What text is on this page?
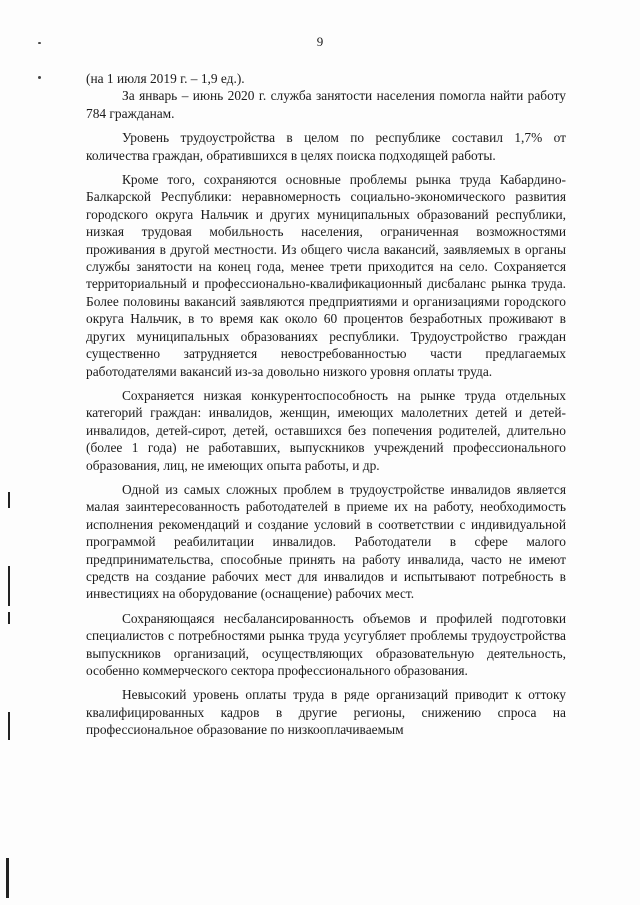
9

(на 1 июля 2019 г. – 1,9 ед.).

За январь – июнь 2020 г. служба занятости населения помогла найти работу 784 гражданам.

Уровень трудоустройства в целом по республике составил 1,7% от количества граждан, обратившихся в целях поиска подходящей работы.

Кроме того, сохраняются основные проблемы рынка труда Кабардино-Балкарской Республики: неравномерность социально-экономического развития городского округа Нальчик и других муниципальных образований республики, низкая трудовая мобильность населения, ограниченная возможностями проживания в другой местности. Из общего числа вакансий, заявляемых в органы службы занятости на конец года, менее трети приходится на село. Сохраняется территориальный и профессионально-квалификационный дисбаланс рынка труда. Более половины вакансий заявляются предприятиями и организациями городского округа Нальчик, в то время как около 60 процентов безработных проживают в других муниципальных образованиях республики. Трудоустройство граждан существенно затрудняется невостребованностью части предлагаемых работодателями вакансий из-за довольно низкого уровня оплаты труда.

Сохраняется низкая конкурентоспособность на рынке труда отдельных категорий граждан: инвалидов, женщин, имеющих малолетних детей и детей-инвалидов, детей-сирот, детей, оставшихся без попечения родителей, длительно (более 1 года) не работавших, выпускников учреждений профессионального образования, лиц, не имеющих опыта работы, и др.

Одной из самых сложных проблем в трудоустройстве инвалидов является малая заинтересованность работодателей в приеме их на работу, необходимость исполнения рекомендаций и создание условий в соответствии с индивидуальной программой реабилитации инвалидов. Работодатели в сфере малого предпринимательства, способные принять на работу инвалида, часто не имеют средств на создание рабочих мест для инвалидов и испытывают потребность в инвестициях на оборудование (оснащение) рабочих мест.

Сохраняющаяся несбалансированность объемов и профилей подготовки специалистов с потребностями рынка труда усугубляет проблемы трудоустройства выпускников организаций, осуществляющих образовательную деятельность, особенно коммерческого сектора профессионального образования.

Невысокий уровень оплаты труда в ряде организаций приводит к оттоку квалифицированных кадров в другие регионы, снижению спроса на профессиональное образование по низкооплачиваемым
